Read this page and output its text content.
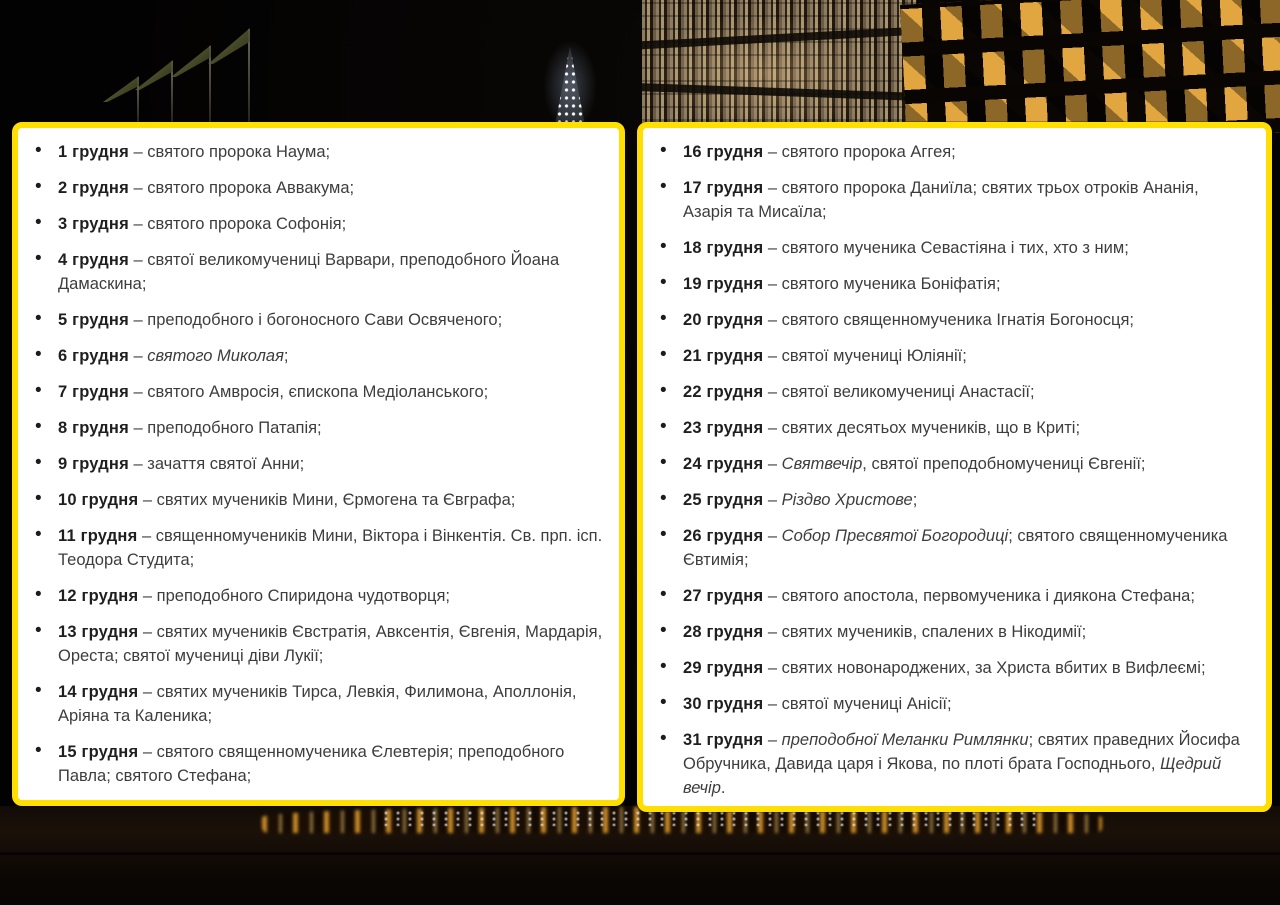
• 1 грудня – святого пророка Наума;
• 2 грудня – святого пророка Аввакума;
• 3 грудня – святого пророка Софонія;
• 4 грудня – святої великомучениці Варвари, преподобного Йоана Дамаскина;
• 5 грудня – преподобного і богоносного Сави Освяченого;
• 6 грудня – святого Миколая;
• 7 грудня – святого Амвросія, єпископа Медіоланського;
• 8 грудня – преподобного Патапія;
• 9 грудня – зачаття святої Анни;
• 10 грудня – святих мучеників Мини, Єрмогена та Євграфа;
• 11 грудня – священномучеників Мини, Віктора і Вінкентія. Св. прп. ісп. Теодора Студита;
• 12 грудня – преподобного Спиридона чудотворця;
• 13 грудня – святих мучеників Євстратія, Авксентія, Євгенія, Мардарія, Ореста; святої мучениці діви Лукії;
• 14 грудня – святих мучеників Тирса, Левкія, Филимона, Аполлонія, Аріяна та Каленика;
• 15 грудня – святого священномученика Єлевтерія; преподобного Павла; святого Стефана;
• 16 грудня – святого пророка Аггея;
• 17 грудня – святого пророка Даниїла; святих трьох отроків Ананія, Азарія та Мисаїла;
• 18 грудня – святого мученика Севастіяна і тих, хто з ним;
• 19 грудня – святого мученика Боніфатія;
• 20 грудня – святого священномученика Ігнатія Богоносця;
• 21 грудня – святої мучениці Юліянії;
• 22 грудня – святої великомучениці Анастасії;
• 23 грудня – святих десятьох мучеників, що в Криті;
• 24 грудня – Святвечір, святої преподобномучениці Євгенії;
• 25 грудня – Різдво Христове;
• 26 грудня – Собор Пресвятої Богородиці; святого священномученика Євтимія;
• 27 грудня – святого апостола, первомученика і диякона Стефана;
• 28 грудня – святих мучеників, спалених в Нікодимії;
• 29 грудня – святих новонароджених, за Христа вбитих в Вифлеємі;
• 30 грудня – святої мучениці Анісії;
• 31 грудня – преподобної Меланки Римлянки; святих праведних Йосифа Обручника, Давида царя і Якова, по плоті брата Господнього, Щедрий вечір.
